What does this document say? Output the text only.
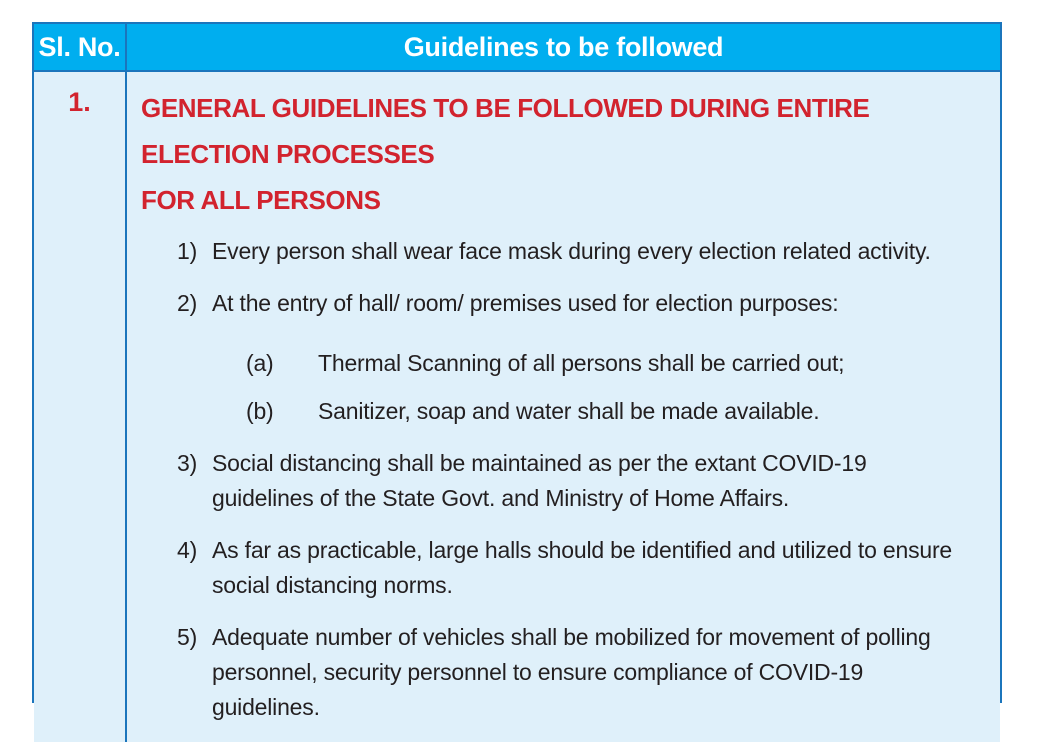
Sl. No.	Guidelines to be followed
1. GENERAL GUIDELINES TO BE FOLLOWED DURING ENTIRE ELECTION PROCESSES
FOR ALL PERSONS
1) Every person shall wear face mask during every election related activity.
2) At the entry of hall/ room/ premises used for election purposes:
(a)	Thermal Scanning of all persons shall be carried out;
(b)	Sanitizer, soap and water shall be made available.
3) Social distancing shall be maintained as per the extant COVID-19 guidelines of the State Govt. and Ministry of Home Affairs.
4) As far as practicable, large halls should be identified and utilized to ensure social distancing norms.
5) Adequate number of vehicles shall be mobilized for movement of polling personnel, security personnel to ensure compliance of COVID-19 guidelines.
